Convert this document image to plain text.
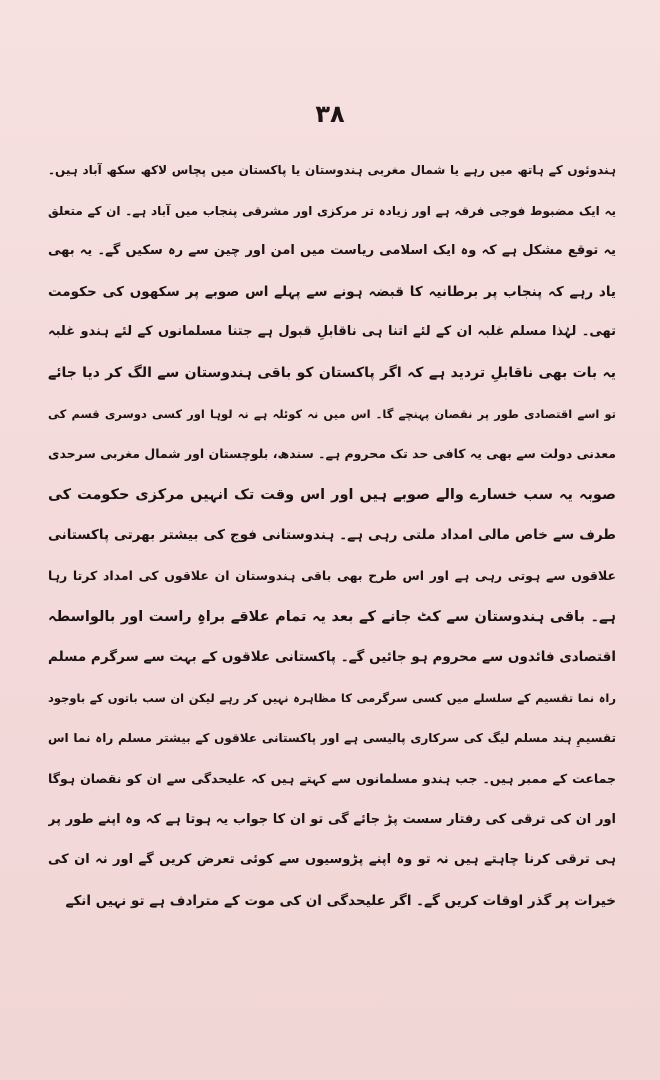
۳۸
ہندوئوں کے ہاتھ میں رہے یا شمال مغربی ہندوستان یا پاکستان میں پچاس لاکھ سکھ آباد ہیں۔
یہ ایک مضبوط فوجی فرقہ ہے اور زیادہ تر مرکزی اور مشرقی پنجاب میں آباد ہے۔ ان کے متعلق
یہ توقع مشکل ہے کہ وہ ایک اسلامی ریاست میں امن اور چین سے رہ سکیں گے۔ یہ بھی
یاد رہے کہ پنجاب پر برطانیہ کا قبضہ ہونے سے پہلے اس صوبے پر سکھوں کی حکومت
تھی۔ لہٰذا مسلم غلبہ ان کے لئے اتنا ہی ناقابلِ قبول ہے جتنا مسلمانوں کے لئے ہندو غلبہ
یہ بات بھی ناقابلِ تردید ہے کہ اگر پاکستان کو باقی ہندوستان سے الگ کر دیا جائے
تو اسے اقتصادی طور پر نقصان پہنچے گا۔ اس میں نہ کوئلہ ہے نہ لوہا اور کسی دوسری قسم کی
معدنی دولت سے بھی یہ کافی حد تک محروم ہے۔ سندھ، بلوچستان اور شمال مغربی سرحدی
صوبہ یہ سب خسارے والے صوبے ہیں اور اس وقت تک انہیں مرکزی حکومت کی
طرف سے خاص مالی امداد ملتی رہی ہے۔ ہندوستانی فوج کی بیشتر بھرتی پاکستانی
علاقوں سے ہوتی رہی ہے اور اس طرح بھی باقی ہندوستان ان علاقوں کی امداد کرتا رہا
ہے۔ باقی ہندوستان سے کٹ جانے کے بعد یہ تمام علاقے براہِ راست اور بالواسطہ
اقتصادی فائدوں سے محروم ہو جائیں گے۔ پاکستانی علاقوں کے بہت سے سرگرم مسلم
راہ نما تقسیم کے سلسلے میں کسی سرگرمی کا مظاہرہ نہیں کر رہے لیکن ان سب باتوں کے باوجود
تقسیمِ ہند مسلم لیگ کی سرکاری پالیسی ہے اور پاکستانی علاقوں کے بیشتر مسلم راہ نما اس
جماعت کے ممبر ہیں۔ جب ہندو مسلمانوں سے کہتے ہیں کہ علیحدگی سے ان کو نقصان ہوگا
اور ان کی ترقی کی رفتار سست پڑ جائے گی تو ان کا جواب یہ ہوتا ہے کہ وہ اپنے طور پر
ہی ترقی کرنا چاہتے ہیں نہ تو وہ اپنے پڑوسیوں سے کوئی تعرض کریں گے اور نہ ان کی
خیرات پر گذر اوقات کریں گے۔ اگر علیحدگی ان کی موت کے مترادف ہے تو نہیں انکے
